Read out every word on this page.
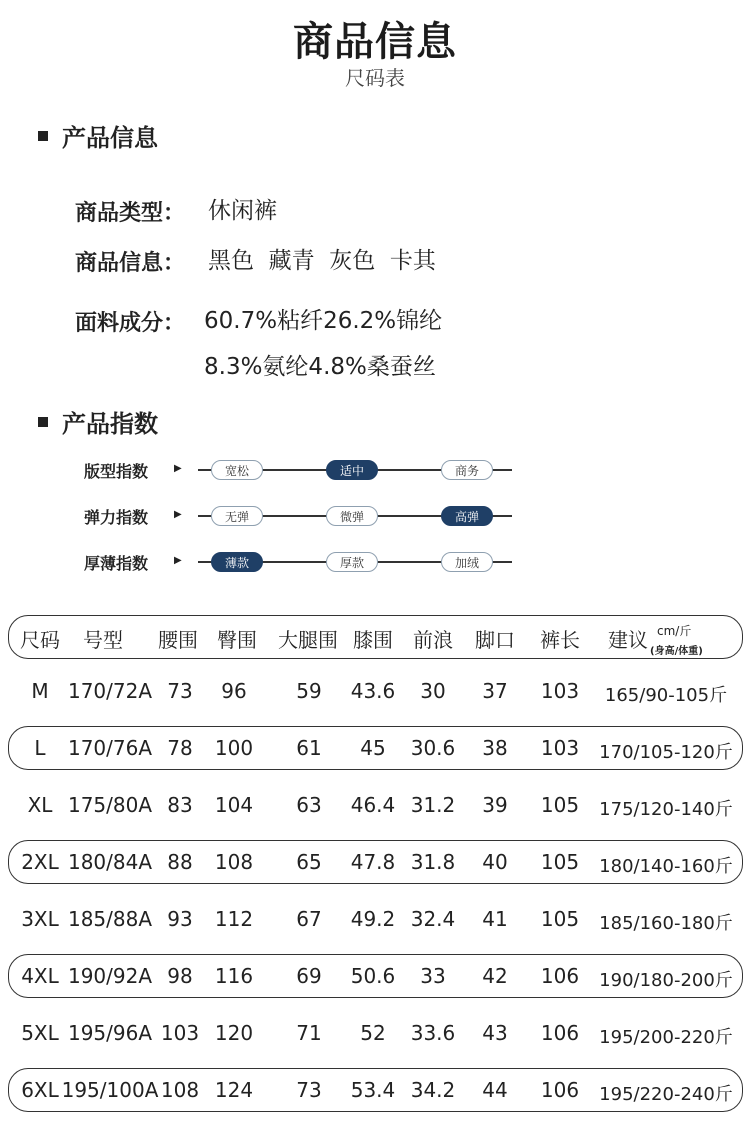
商品信息
尺码表
产品信息
商品类型： 休闲裤
商品信息： 黑色  藏青  灰色  卡其
面料成分： 60.7%粘纤26.2%锦纶
8.3%氨纶4.8%桑蚕丝
产品指数
版型指数	▶	宽松	适中	商务
弹力指数	▶	无弹	微弹	高弹
厚薄指数	▶	薄款	厚款	加绒
尺码 号型 腰围 臀围 大腿围 膝围 前浪 脚口 裤长 建议 cm/斤
(身高/体重)
M 170/72A 73 96 59 43.6 30 37 103 165/90-105斤
L 170/76A 78 100 61 45 30.6 38 103 170/105-120斤
XL 175/80A 83 104 63 46.4 31.2 39 105 175/120-140斤
2XL 180/84A 88 108 65 47.8 31.8 40 105 180/140-160斤
3XL 185/88A 93 112 67 49.2 32.4 41 105 185/160-180斤
4XL 190/92A 98 116 69 50.6 33 42 106 190/180-200斤
5XL 195/96A 103 120 71 52 33.6 43 106 195/200-220斤
6XL 195/100A 108 124 73 53.4 34.2 44 106 195/220-240斤
